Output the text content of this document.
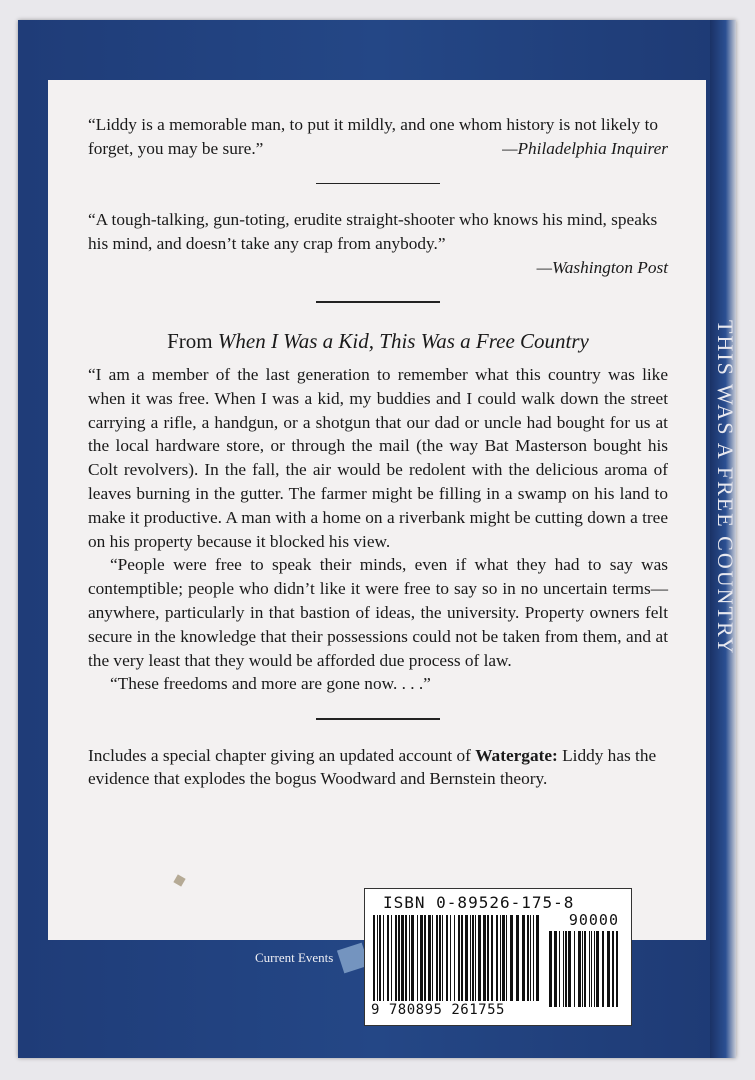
THIS WAS A FREE COUNTRY

“Liddy is a memorable man, to put it mildly, and one whom history is not likely to forget, you may be sure.”	—Philadelphia Inquirer

“A tough-talking, gun-toting, erudite straight-shooter who knows his mind, speaks his mind, and doesn’t take any crap from anybody.”

—Washington Post

From When I Was a Kid, This Was a Free Country

“I am a member of the last generation to remember what this country was like when it was free. When I was a kid, my buddies and I could walk down the street carrying a rifle, a handgun, or a shotgun that our dad or uncle had bought for us at the local hardware store, or through the mail (the way Bat Masterson bought his Colt revolvers). In the fall, the air would be redolent with the delicious aroma of leaves burning in the gutter. The farmer might be filling in a swamp on his land to make it productive. A man with a home on a riverbank might be cutting down a tree on his property because it blocked his view.

“People were free to speak their minds, even if what they had to say was contemptible; people who didn’t like it were free to say so in no uncertain terms—anywhere, particularly in that bastion of ideas, the university. Property owners felt secure in the knowledge that their possessions could not be taken from them, and at the very least that they would be afforded due process of law.

“These freedoms and more are gone now. . . .”

Includes a special chapter giving an updated account of Watergate: Liddy has the evidence that explodes the bogus Woodward and Bernstein theory.

Current Events
ISBN 0-89526-175-8
90000
9 780895 261755
